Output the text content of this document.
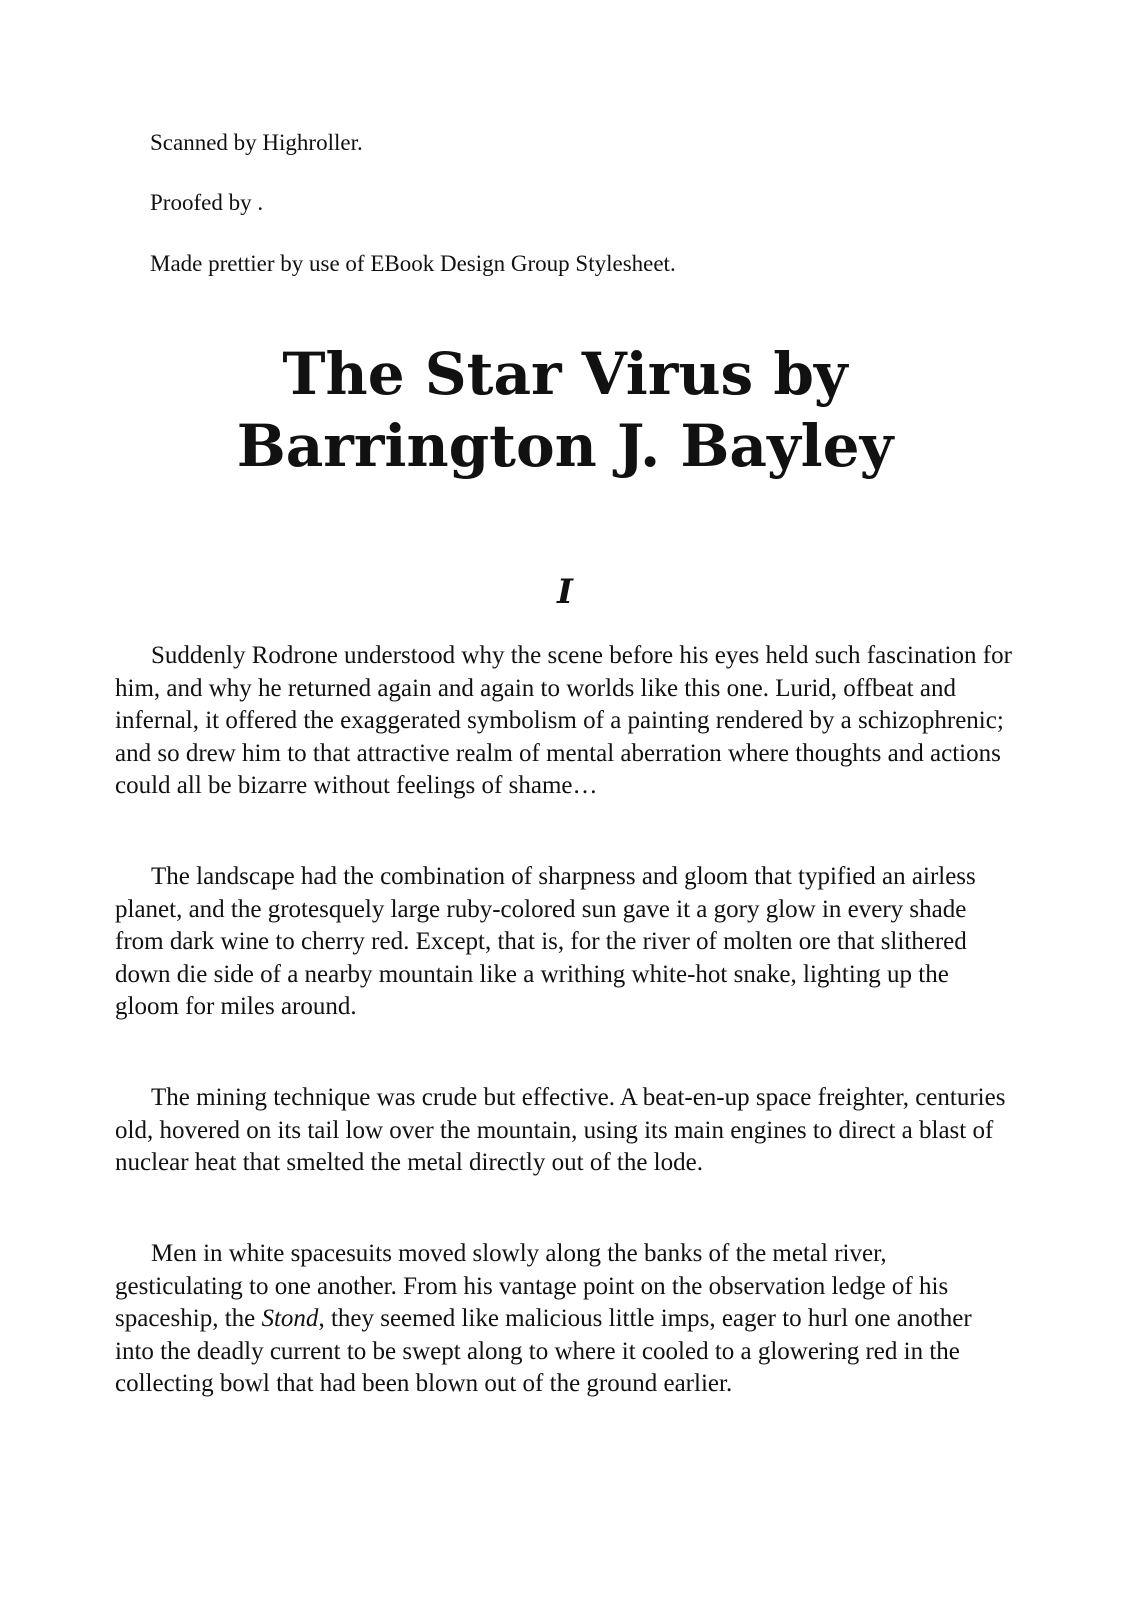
Scanned by Highroller.

Proofed by .

Made prettier by use of EBook Design Group Stylesheet.

The Star Virus by
Barrington J. Bayley
I

Suddenly Rodrone understood why the scene before his eyes held such fascination for him, and why he returned again and again to worlds like this one. Lurid, offbeat and infernal, it offered the exaggerated symbolism of a painting rendered by a schizophrenic; and so drew him to that attractive realm of mental aberration where thoughts and actions could all be bizarre without feelings of shame…

The landscape had the combination of sharpness and gloom that typified an airless planet, and the grotesquely large ruby-colored sun gave it a gory glow in every shade from dark wine to cherry red. Except, that is, for the river of molten ore that slithered down die side of a nearby mountain like a writhing white-hot snake, lighting up the gloom for miles around.

The mining technique was crude but effective. A beat-en-up space freighter, centuries old, hovered on its tail low over the mountain, using its main engines to direct a blast of nuclear heat that smelted the metal directly out of the lode.

Men in white spacesuits moved slowly along the banks of the metal river, gesticulating to one another. From his vantage point on the observation ledge of his spaceship, the Stond, they seemed like malicious little imps, eager to hurl one another into the deadly current to be swept along to where it cooled to a glowering red in the collecting bowl that had been blown out of the ground earlier.
